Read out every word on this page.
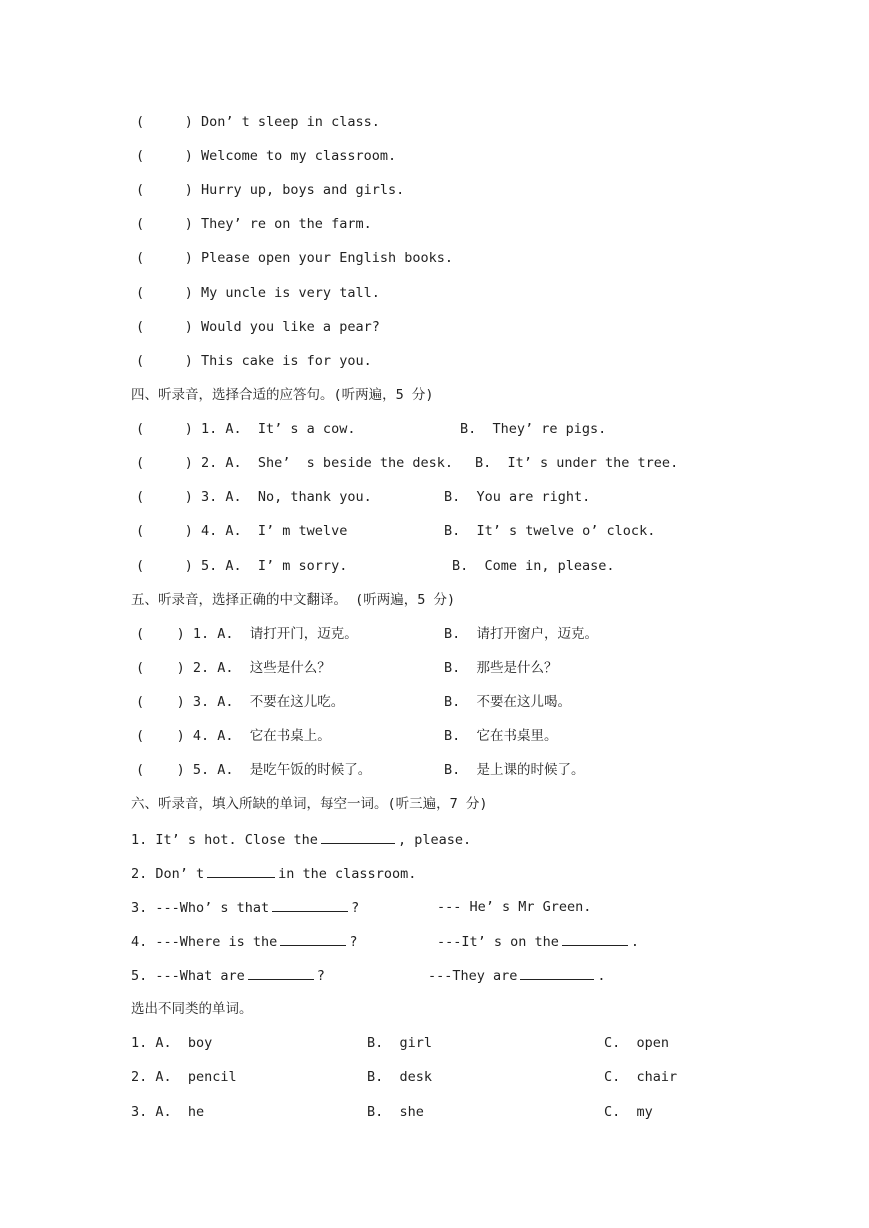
(     ) Don’ t sleep in class.
(     ) Welcome to my classroom.
(     ) Hurry up, boys and girls.
(     ) They’ re on the farm.
(     ) Please open your English books.
(     ) My uncle is very tall.
(     ) Would you like a pear?
(     ) This cake is for you.
四、听录音，选择合适的应答句。(听两遍，5 分)
(     ) 1. A.  It’ s a cow.	B.  They’ re pigs.
(     ) 2. A.  She’  s beside the desk. B.  It’ s under the tree.
(     ) 3. A.  No, thank you.	B.  You are right.
(     ) 4. A.  I’ m twelve	B.  It’ s twelve o’ clock.
(     ) 5. A.  I’ m sorry.	B.  Come in, please.
五、听录音，选择正确的中文翻译。 (听两遍，5 分)
(    ) 1. A.  请打开门，迈克。	B.  请打开窗户，迈克。
(    ) 2. A.  这些是什么？	B.  那些是什么？
(    ) 3. A.  不要在这儿吃。	B.  不要在这儿喝。
(    ) 4. A.  它在书桌上。	B.  它在书桌里。
(    ) 5. A.  是吃午饭的时候了。	B.  是上课的时候了。
六、听录音，填入所缺的单词，每空一词。(听三遍，7 分)
1. It’ s hot. Close the	, please.
2. Don’ t	in the classroom.
3. ---Who’ s that	?	--- He’ s Mr Green.
4. ---Where is the	?	---It’ s on the	.
5. ---What are	?	---They are	.
选出不同类的单词。
1. A.  boy	B.  girl	C.  open
2. A.  pencil	B.  desk	C.  chair
3. A.  he	B.  she	C.  my
